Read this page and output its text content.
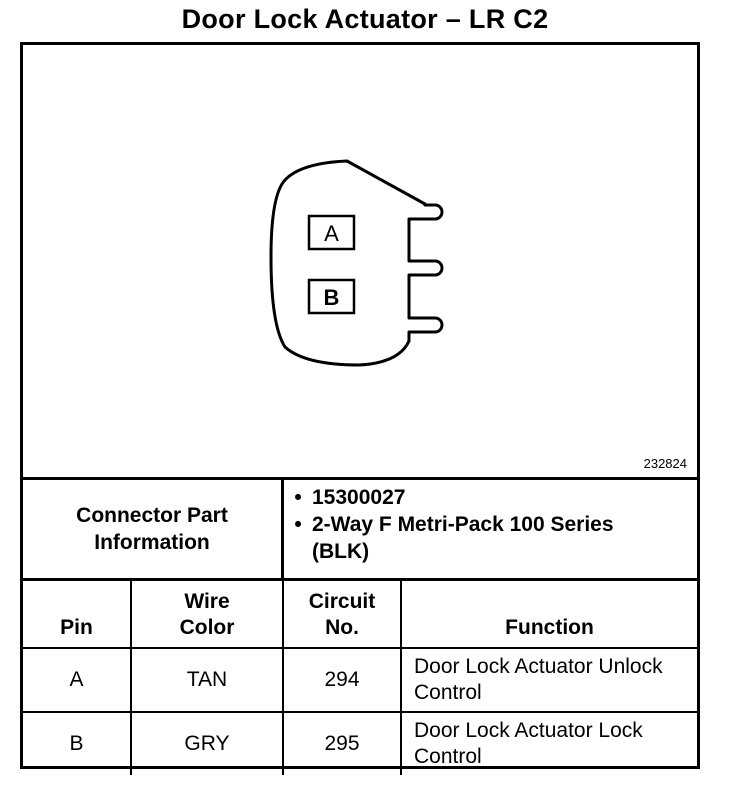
Door Lock Actuator – LR C2
A
B
232824
Connector Part Information
• 15300027
• 2-Way F Metri-Pack 100 Series (BLK)
Pin	Wire Color	Circuit No.	Function
A	TAN	294	Door Lock Actuator Unlock Control
B	GRY	295	Door Lock Actuator Lock Control
